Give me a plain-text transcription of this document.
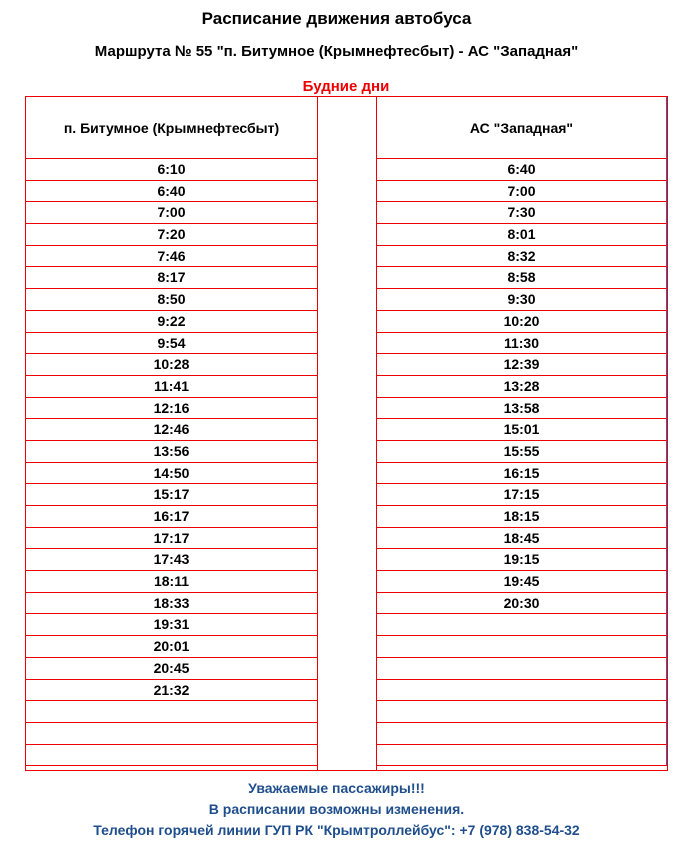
Расписание движения автобуса
Маршрута № 55 "п. Битумное (Крымнефтесбыт) - АС "Западная"
Будние дни
п. Битумное (Крымнефтесбыт)
6:10
6:40
7:00
7:20
7:46
8:17
8:50
9:22
9:54
10:28
11:41
12:16
12:46
13:56
14:50
15:17
16:17
17:17
17:43
18:11
18:33
19:31
20:01
20:45
21:32
АС "Западная"
6:40
7:00
7:30
8:01
8:32
8:58
9:30
10:20
11:30
12:39
13:28
13:58
15:01
15:55
16:15
17:15
18:15
18:45
19:15
19:45
20:30
Уважаемые пассажиры!!!
В расписании возможны изменения.
Телефон горячей линии ГУП РК "Крымтроллейбус": +7 (978) 838-54-32
